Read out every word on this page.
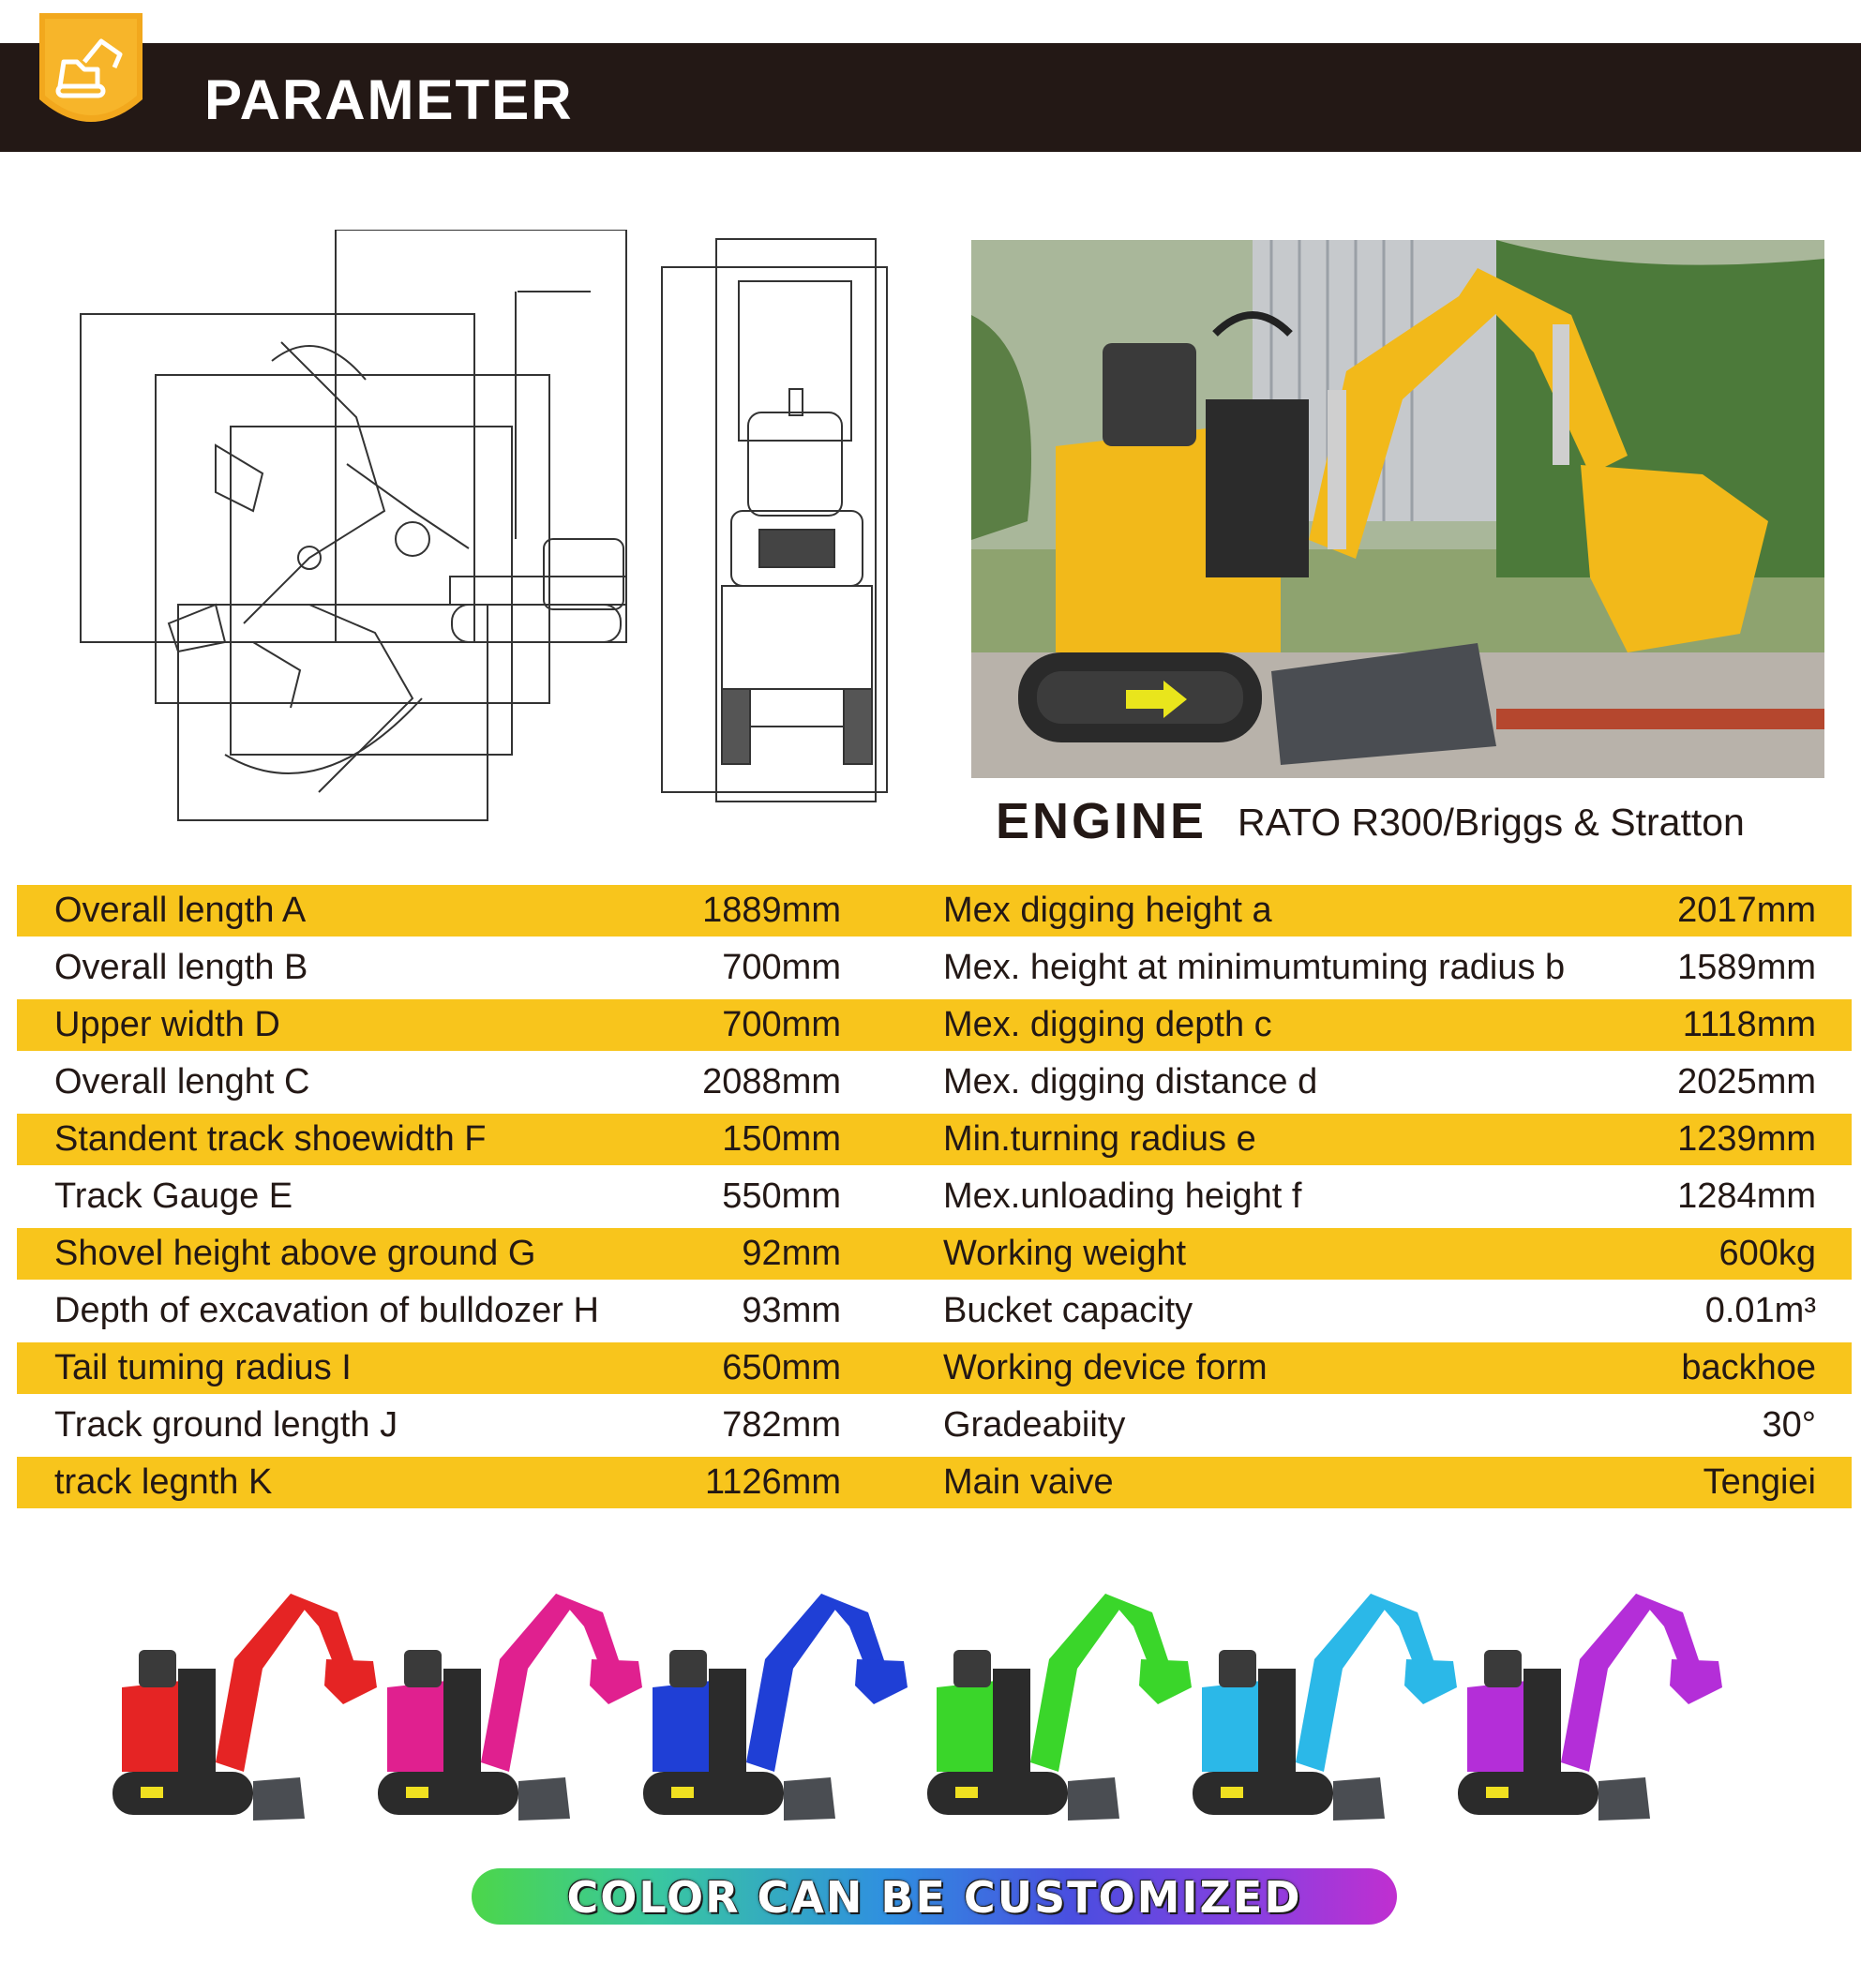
PARAMETER
ENGINE RATO R300/Briggs & Stratton
Overall length A	1889mm	Mex digging height a	2017mm
Overall length B	700mm	Mex. height at minimumtuming radius b	1589mm
Upper width D	700mm	Mex. digging depth c	1118mm
Overall lenght C	2088mm	Mex. digging distance d	2025mm
Standent track shoewidth F	150mm	Min.turning radius e	1239mm
Track Gauge E	550mm	Mex.unloading height f	1284mm
Shovel height above ground G	92mm	Working weight	600kg
Depth of excavation of bulldozer H	93mm	Bucket capacity	0.01m³
Tail tuming radius I	650mm	Working device form	backhoe
Track ground length J	782mm	Gradeabiity	30°
track legnth K	1126mm	Main vaive	Tengiei
COLOR CAN BE CUSTOMIZED
